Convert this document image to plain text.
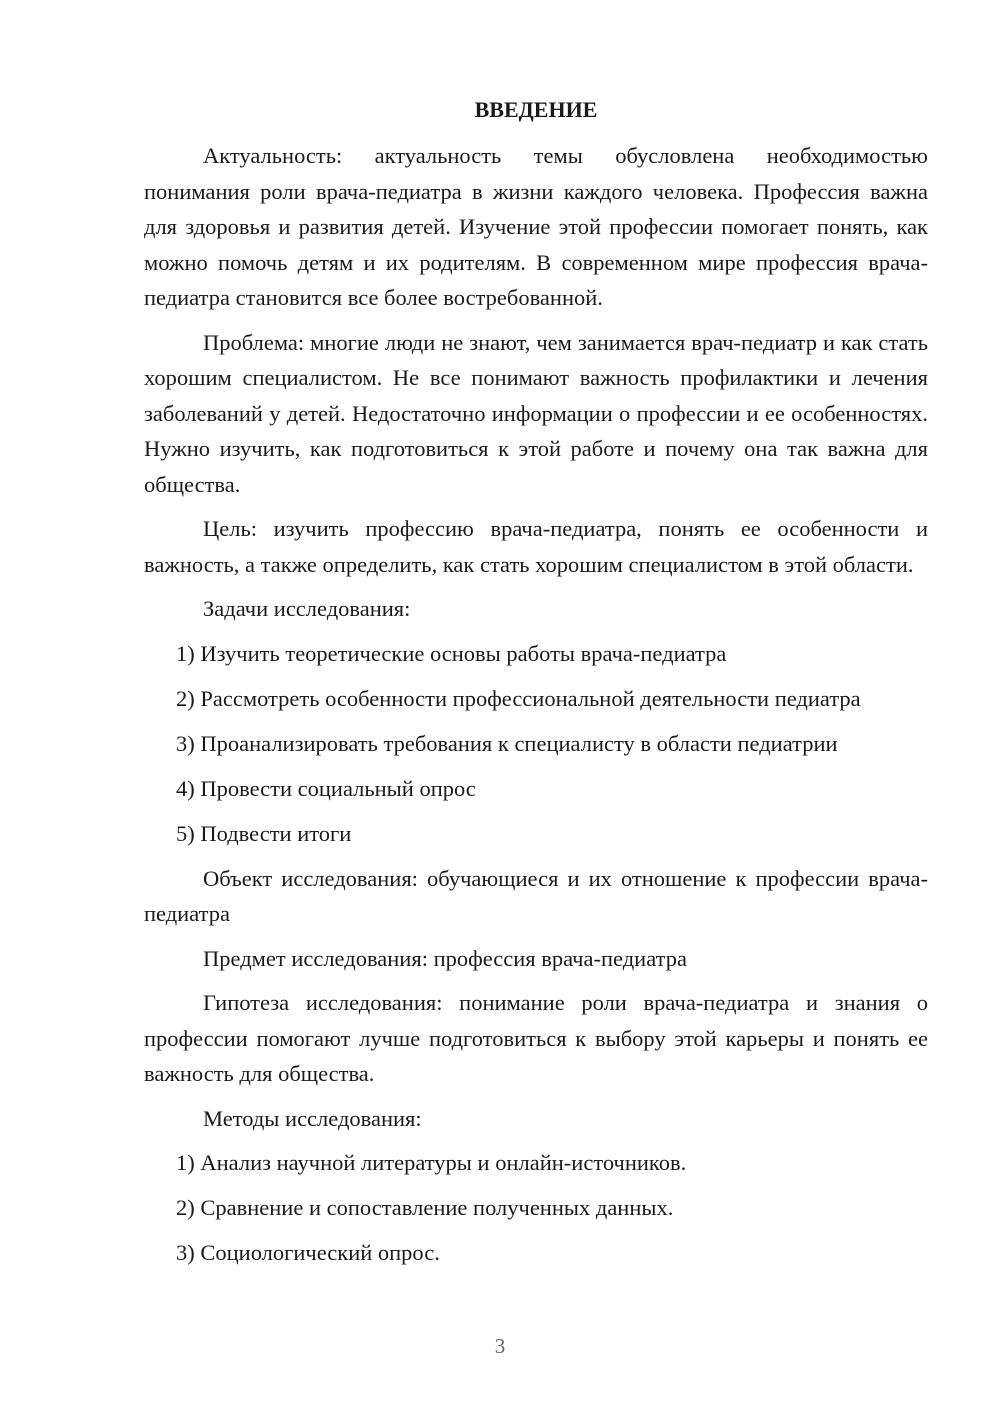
ВВЕДЕНИЕ

Актуальность: актуальность темы обусловлена необходимостью понимания роли врача-педиатра в жизни каждого человека. Профессия важна для здоровья и развития детей. Изучение этой профессии помогает понять, как можно помочь детям и их родителям. В современном мире профессия врача-педиатра становится все более востребованной.

Проблема: многие люди не знают, чем занимается врач-педиатр и как стать хорошим специалистом. Не все понимают важность профилактики и лечения заболеваний у детей. Недостаточно информации о профессии и ее особенностях. Нужно изучить, как подготовиться к этой работе и почему она так важна для общества.

Цель: изучить профессию врача-педиатра, понять ее особенности и важность, а также определить, как стать хорошим специалистом в этой области.

Задачи исследования:

1) Изучить теоретические основы работы врача-педиатра

2) Рассмотреть особенности профессиональной деятельности педиатра

3) Проанализировать требования к специалисту в области педиатрии

4) Провести социальный опрос

5) Подвести итоги

Объект исследования: обучающиеся и их отношение к профессии врача-педиатра

Предмет исследования: профессия врача-педиатра

Гипотеза исследования: понимание роли врача-педиатра и знания о профессии помогают лучше подготовиться к выбору этой карьеры и понять ее важность для общества.

Методы исследования:

1) Анализ научной литературы и онлайн-источников.

2) Сравнение и сопоставление полученных данных.

3) Социологический опрос.

3
